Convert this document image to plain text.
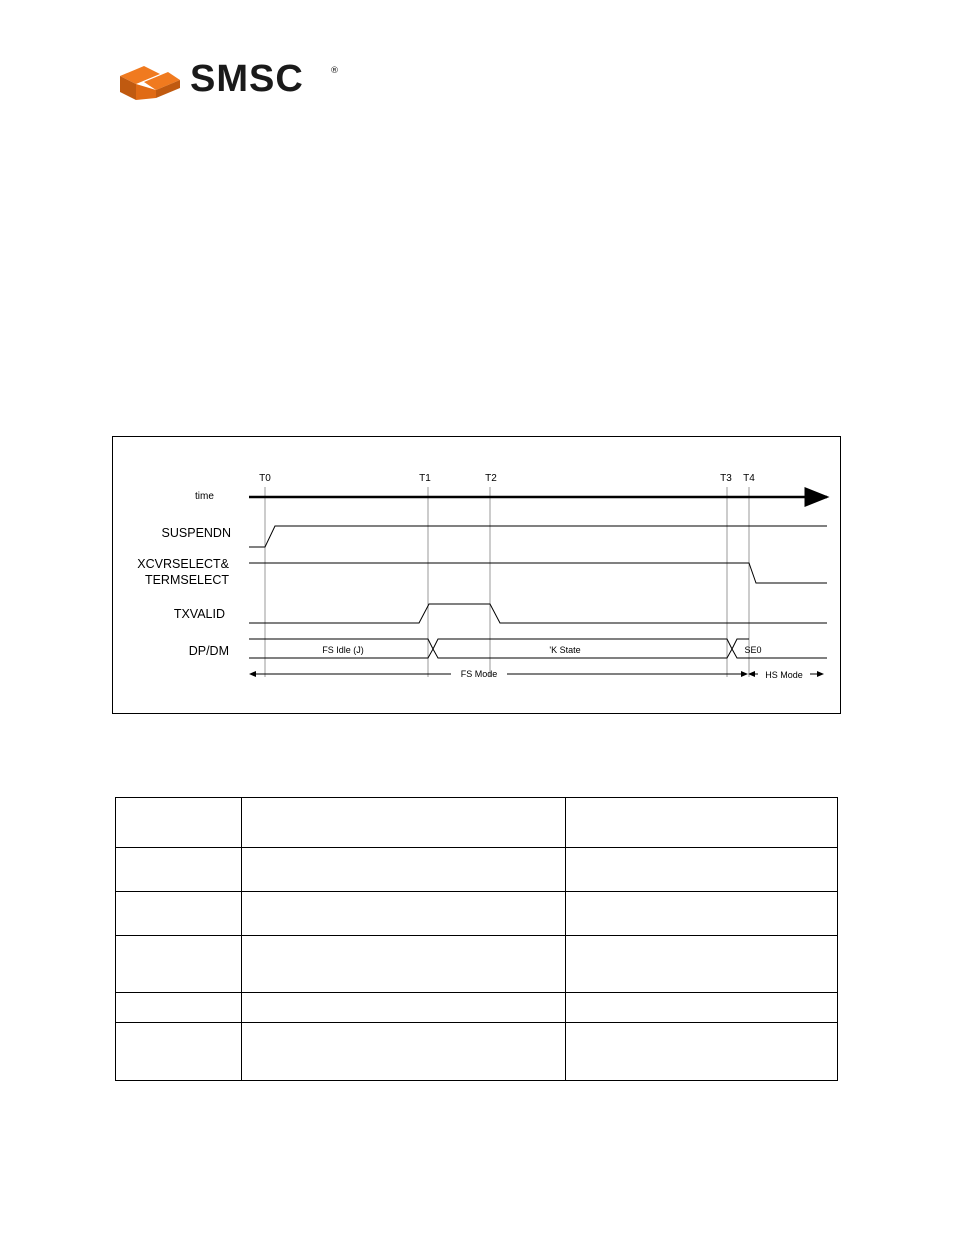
SMSC	®
T0	T1	T2	T3 T4
time
SUSPENDN
XCVRSELECT&
TERMSELECT
TXVALID
DP/DM	FS Idle (J)	'K State	SE0
FS Mode	HS Mode
